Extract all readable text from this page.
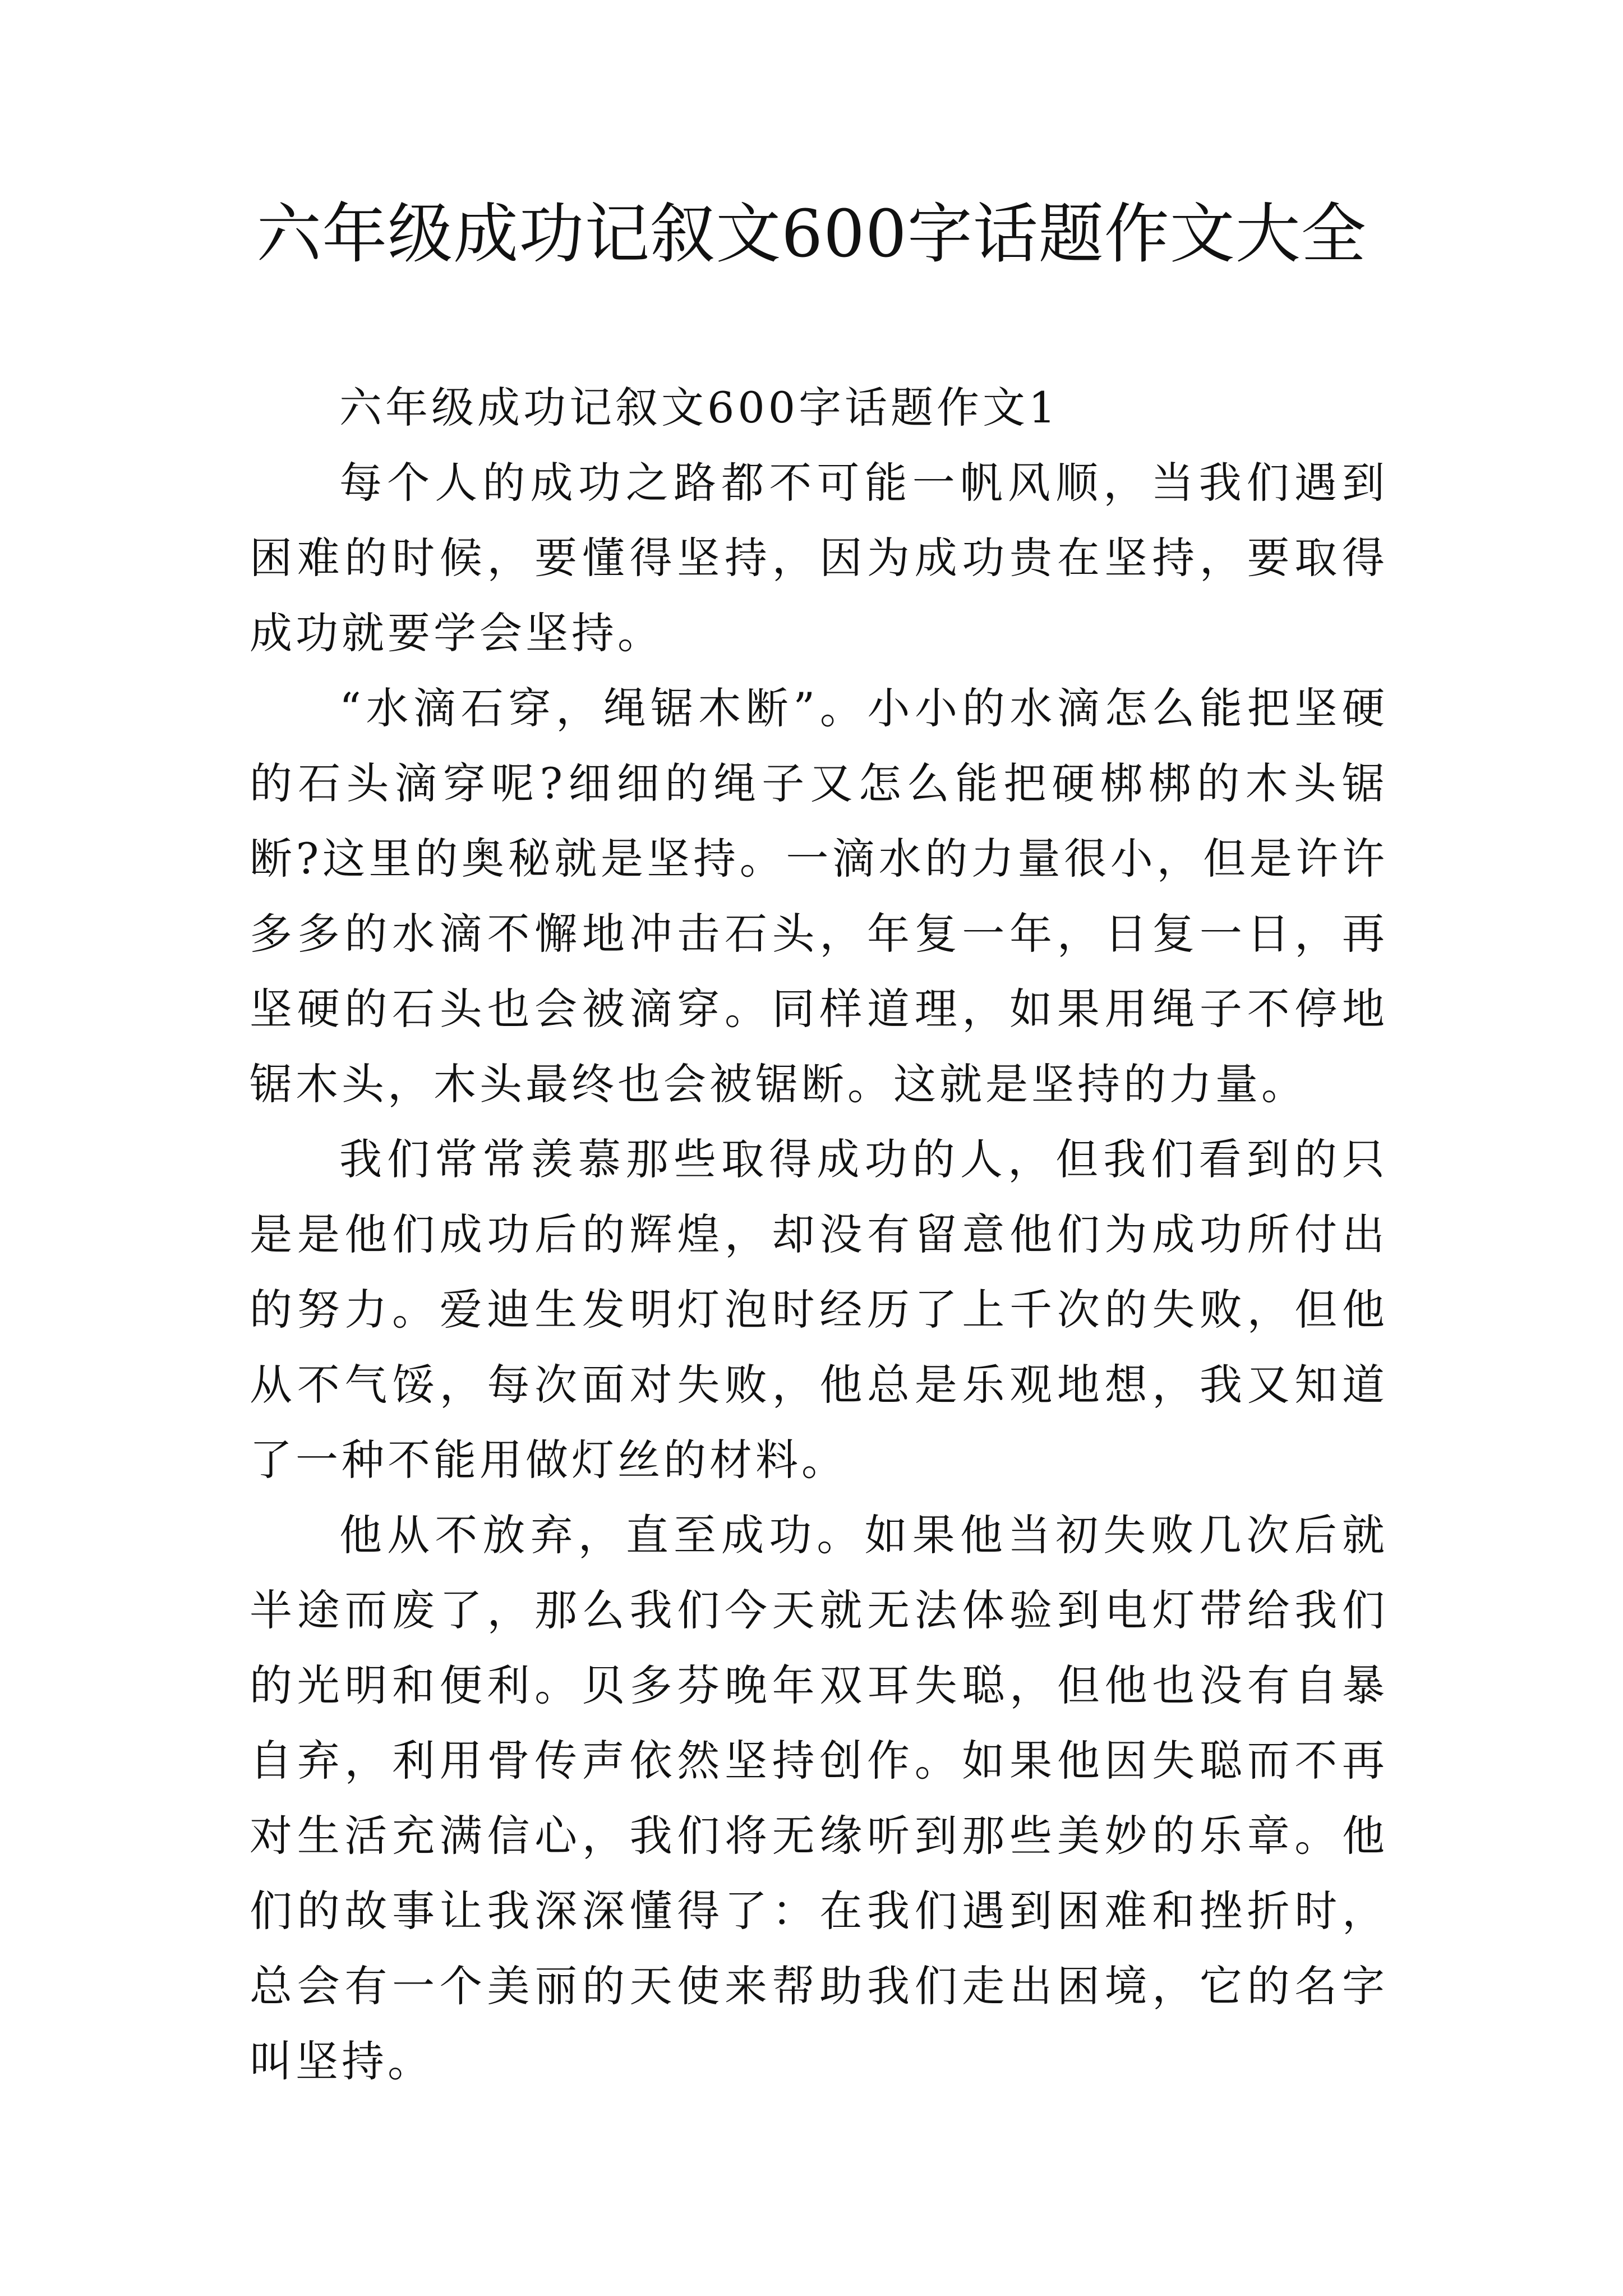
六年级成功记叙文600字话题作文大全

六年级成功记叙文600字话题作文1

每个人的成功之路都不可能一帆风顺，当我们遇到困难的时候，要懂得坚持，因为成功贵在坚持，要取得成功就要学会坚持。

“水滴石穿，绳锯木断”。小小的水滴怎么能把坚硬的石头滴穿呢?细细的绳子又怎么能把硬梆梆的木头锯断?这里的奥秘就是坚持。一滴水的力量很小，但是许许多多的水滴不懈地冲击石头，年复一年，日复一日，再坚硬的石头也会被滴穿。同样道理，如果用绳子不停地锯木头，木头最终也会被锯断。这就是坚持的力量。

我们常常羡慕那些取得成功的人，但我们看到的只是是他们成功后的辉煌，却没有留意他们为成功所付出的努力。爱迪生发明灯泡时经历了上千次的失败，但他从不气馁，每次面对失败，他总是乐观地想，我又知道了一种不能用做灯丝的材料。

他从不放弃，直至成功。如果他当初失败几次后就半途而废了，那么我们今天就无法体验到电灯带给我们的光明和便利。贝多芬晚年双耳失聪，但他也没有自暴自弃，利用骨传声依然坚持创作。如果他因失聪而不再对生活充满信心，我们将无缘听到那些美妙的乐章。他们的故事让我深深懂得了：在我们遇到困难和挫折时，总会有一个美丽的天使来帮助我们走出困境，它的名字叫坚持。
